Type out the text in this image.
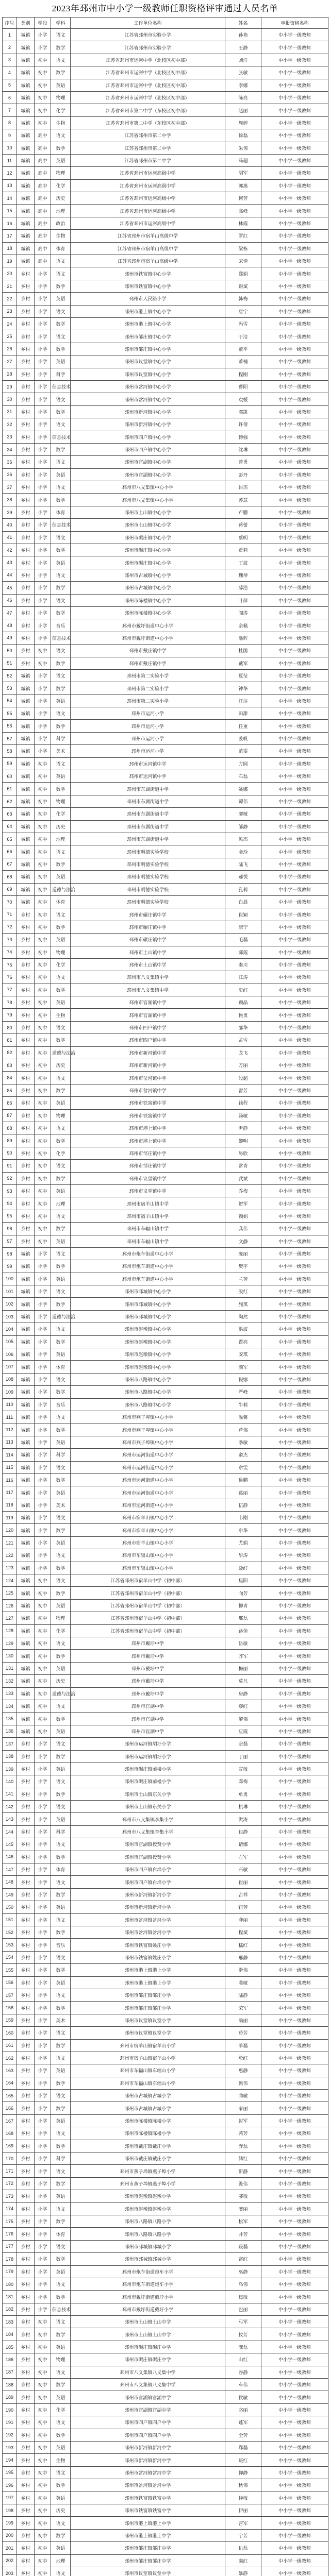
2023年邳州市中小学一级教师任职资格评审通过人员名单
序号	类别	学段	学科	工作单位名称	姓名	申报资格名称
1	城镇	小学	语文	江苏省邳州市实验小学	孙艳	中小学一级教师
2	城镇	小学	数学	江苏省邳州市实验小学	王静	中小学一级教师
3	城镇	初中	语文	江苏省邳州市运河中学（北校区初中部）	刘洋	中小学一级教师
4	城镇	初中	数学	江苏省邳州市运河中学（北校区初中部）	张敏	中小学一级教师
5	城镇	初中	英语	江苏省邳州市运河中学（北校区初中部）	李娜	中小学一级教师
6	城镇	初中	物理	江苏省邳州市运河中学（北校区初中部）	陈亮	中小学一级教师
7	城镇	初中	化学	江苏省邳州市第二中学（东校区初中部）	赵丽	中小学一级教师
8	城镇	初中	生物	江苏省邳州市第二中学（东校区初中部）	周婷	中小学一级教师
9	城镇	高中	语文	江苏省邳州市第二中学	徐磊	中小学一级教师
10	城镇	高中	数学	江苏省邳州市第二中学	朱伟	中小学一级教师
11	城镇	高中	英语	江苏省邳州市第二中学	马超	中小学一级教师
12	城镇	高中	物理	江苏省邳州市运河高级中学	胡军	中小学一级教师
13	城镇	高中	化学	江苏省邳州市运河高级中学	郭燕	中小学一级教师
14	城镇	高中	历史	江苏省邳州市运河高级中学	何芳	中小学一级教师
15	城镇	高中	地理	江苏省邳州市运河高级中学	高峰	中小学一级教师
16	城镇	高中	政治	江苏省邳州市运河高级中学	林霞	中小学一级教师
17	城镇	高中	生物	江苏省邳州市宿羊山高级中学	罗红	中小学一级教师
18	城镇	高中	体育	江苏省邳州市宿羊山高级中学	梁栋	中小学一级教师
19	城镇	高中	语文	江苏省邳州市宿羊山高级中学	宋佳	中小学一级教师
20	乡村	小学	语文	邳州市铁富镇中心小学	郑娟	中小学一级教师
21	乡村	小学	数学	邳州市铁富镇中心小学	谢斌	中小学一级教师
22	乡村	小学	英语	邳州市人民路小学	韩梅	中小学一级教师
23	乡村	小学	语文	邳州市港上镇中心小学	唐宁	中小学一级教师
24	乡村	小学	数学	邳州市港上镇中心小学	冯雪	中小学一级教师
25	乡村	小学	语文	邳州市邹庄镇中心小学	于洁	中小学一级教师
26	乡村	小学	数学	邳州市邹庄镇中心小学	董平	中小学一级教师
27	乡村	小学	英语	邳州市议堂镇中心小学	萧楠	中小学一级教师
28	乡村	小学	科学	邳州市议堂镇中心小学	程刚	中小学一级教师
29	乡村	小学	信息技术	邳州市岔河镇中心小学	曹阳	中小学一级教师
30	乡村	小学	语文	邳州市岔河镇中心小学	袁媛	中小学一级教师
31	乡村	小学	数学	邳州市新河镇中心小学	邓凯	中小学一级教师
32	乡村	小学	语文	邳州市新河镇中心小学	许倩	中小学一级教师
33	乡村	小学	信息技术	邳州市四户镇中心小学	傅强	中小学一级教师
34	乡村	小学	数学	邳州市四户镇中心小学	沈琳	中小学一级教师
35	乡村	小学	语文	邳州市官湖镇中心小学	曾勇	中小学一级教师
36	乡村	小学	英语	邳州市官湖镇中心小学	彭丹	中小学一级教师
37	乡村	小学	语文	邳州市八义集镇中心小学	吕杰	中小学一级教师
38	乡村	小学	数学	邳州市八义集镇中心小学	苏慧	中小学一级教师
39	乡村	小学	体育	邳州市土山镇中心小学	卢鹏	中小学一级教师
40	乡村	小学	信息技术	邳州市土山镇中心小学	蒋蕾	中小学一级教师
41	乡村	小学	语文	邳州市碾庄镇中心小学	蔡明	中小学一级教师
42	乡村	小学	数学	邳州市碾庄镇中心小学	贾莉	中小学一级教师
43	乡村	小学	英语	邳州市碾庄镇中心小学	丁波	中小学一级教师
44	乡村	小学	语文	邳州市占城镇中心小学	魏琴	中小学一级教师
45	乡村	小学	数学	邳州市占城镇中心小学	薛浩	中小学一级教师
46	乡村	小学	语文	邳州市陈楼镇中心小学	叶萍	中小学一级教师
47	乡村	小学	数学	邳州市陈楼镇中心小学	阎涛	中小学一级教师
48	乡村	小学	音乐	邳州市戴圩街道中心小学	余佩	中小学一级教师
49	乡村	小学	信息技术	邳州市戴圩街道中心小学	潘辉	中小学一级教师
50	乡村	初中	语文	邳州市戴庄镇中学	杜鹃	中小学一级教师
51	乡村	初中	数学	邳州市戴庄镇中学	戴军	中小学一级教师
52	城镇	小学	语文	邳州市第二实验小学	夏莹	中小学一级教师
53	城镇	小学	数学	邳州市第二实验小学	钟华	中小学一级教师
54	城镇	小学	英语	邳州市第二实验小学	汪洁	中小学一级教师
55	城镇	小学	语文	邳州市运河小学	田甜	中小学一级教师
56	城镇	小学	数学	邳州市运河小学	任重	中小学一级教师
57	城镇	小学	科学	邳州市运河小学	姜帆	中小学一级教师
58	城镇	小学	美术	邳州市运河小学	范雯	中小学一级教师
59	城镇	初中	语文	邳州市运河镇中学	方圆	中小学一级教师
60	城镇	初中	英语	邳州市运河镇中学	石磊	中小学一级教师
61	城镇	初中	数学	邳州市东湖街道中学	姚娜	中小学一级教师
62	城镇	初中	物理	邳州市东湖街道中学	谭伟	中小学一级教师
63	城镇	初中	化学	邳州市东湖街道中学	廖敏	中小学一级教师
64	城镇	初中	历史	邳州市东湖街道中学	邹静	中小学一级教师
65	城镇	初中	地理	邳州市东湖街道中学	熊杰	中小学一级教师
66	城镇	初中	语文	邳州市明德实验学校	金玲	中小学一级教师
67	城镇	初中	数学	邳州市明德实验学校	陆飞	中小学一级教师
68	城镇	初中	英语	邳州市明德实验学校	郝悦	中小学一级教师
69	城镇	初中	道德与法治	邳州市明德实验学校	孔莉	中小学一级教师
70	城镇	初中	体育	邳州市明德实验学校	白晨	中小学一级教师
71	乡村	初中	语文	邳州市碾庄镇中学	崔颖	中小学一级教师
72	乡村	初中	数学	邳州市碾庄镇中学	康宁	中小学一级教师
73	乡村	初中	英语	邳州市碾庄镇中学	毛磊	中小学一级教师
74	乡村	初中	物理	邳州市土山镇中学	邱霞	中小学一级教师
75	乡村	初中	化学	邳州市土山镇中学	秦川	中小学一级教师
76	乡村	初中	语文	邳州市八义集镇中学	江涛	中小学一级教师
77	乡村	初中	数学	邳州市八义集镇中学	史红	中小学一级教师
78	乡村	初中	英语	邳州市官湖镇中学	顾晶	中小学一级教师
79	乡村	初中	生物	邳州市官湖镇中学	侯勇	中小学一级教师
80	乡村	初中	语文	邳州市四户镇中学	邵华	中小学一级教师
81	乡村	初中	数学	邳州市四户镇中学	孟雪	中小学一级教师
82	乡村	初中	道德与法治	邳州市新河镇中学	龙飞	中小学一级教师
83	乡村	初中	历史	邳州市新河镇中学	万丽	中小学一级教师
84	乡村	初中	语文	邳州市岔河镇中学	段超	中小学一级教师
85	乡村	初中	数学	邳州市岔河镇中学	雷芳	中小学一级教师
86	乡村	初中	英语	邳州市铁富镇中学	钱程	中小学一级教师
87	乡村	初中	物理	邳州市铁富镇中学	汤敏	中小学一级教师
88	乡村	初中	语文	邳州市港上镇中学	尹静	中小学一级教师
89	乡村	初中	数学	邳州市港上镇中学	黎明	中小学一级教师
90	乡村	初中	化学	邳州市邹庄镇中学	易欣	中小学一级教师
91	乡村	初中	语文	邳州市邹庄镇中学	常青	中小学一级教师
92	乡村	初中	数学	邳州市议堂镇中学	武斌	中小学一级教师
93	乡村	初中	英语	邳州市议堂镇中学	乔梅	中小学一级教师
94	乡村	初中	地理	邳州市宿羊山镇中学	贺军	中小学一级教师
95	乡村	初中	语文	邳州市宿羊山镇中学	赖娟	中小学一级教师
96	乡村	初中	数学	邳州市车辐山镇中学	龚伟	中小学一级教师
97	乡村	初中	英语	邳州市车辐山镇中学	文静	中小学一级教师
98	城镇	小学	语文	邳州市炮车街道中心小学	庞丽	中小学一级教师
99	城镇	小学	数学	邳州市炮车街道中心小学	樊宇	中小学一级教师
100	城镇	小学	英语	邳州市炮车街道中心小学	兰芳	中小学一级教师
101	城镇	小学	语文	邳州市邳城镇中心小学	殷红	中小学一级教师
102	城镇	小学	数学	邳州市邳城镇中心小学	施琪	中小学一级教师
103	城镇	小学	道德与法治	邳州市邳城镇中心小学	陶然	中小学一级教师
104	城镇	小学	语文	邳州市赵墩镇中心小学	洪波	中小学一级教师
105	城镇	小学	数学	邳州市赵墩镇中心小学	翟亮	中小学一级教师
106	城镇	小学	英语	邳州市赵墩镇中心小学	安琪	中小学一级教师
107	城镇	小学	体育	邳州市赵墩镇中心小学	颜军	中小学一级教师
108	城镇	小学	语文	邳州市八路镇中心小学	倪娜	中小学一级教师
109	城镇	小学	数学	邳州市八路镇中心小学	严峰	中小学一级教师
110	城镇	小学	音乐	邳州市八路镇中心小学	牛莉	中小学一级教师
111	城镇	小学	语文	邳州市燕子埠镇中心小学	温馨	中小学一级教师
112	城镇	小学	数学	邳州市燕子埠镇中心小学	芦伟	中小学一级教师
113	城镇	小学	英语	邳州市燕子埠镇中心小学	季敏	中小学一级教师
114	城镇	小学	科学	邳州市运河街道中心小学	俞杰	中小学一级教师
115	城镇	小学	语文	邳州市运河街道中心小学	章雯	中小学一级教师
116	城镇	小学	数学	邳州市运河街道中心小学	鲁鹏	中小学一级教师
117	城镇	小学	英语	邳州市运河街道中心小学	葛丽	中小学一级教师
118	城镇	小学	美术	邳州市运河街道中心小学	伍静	中小学一级教师
119	城镇	小学	语文	邳州市宿羊山镇中心小学	韦刚	中小学一级教师
120	城镇	小学	数学	邳州市宿羊山镇中心小学	申华	中小学一级教师
121	城镇	小学	英语	邳州市宿羊山镇中心小学	尤娟	中小学一级教师
122	城镇	小学	语文	邳州市车辐山镇中心小学	毕涛	中小学一级教师
123	城镇	小学	数学	邳州市车辐山镇中心小学	聂红	中小学一级教师
124	城镇	初中	语文	江苏省邳州市宿羊山中学（初中部）	焦阳	中小学一级教师
125	城镇	初中	数学	江苏省邳州市宿羊山中学（初中部）	向芳	中小学一级教师
126	城镇	初中	英语	江苏省邳州市宿羊山中学（初中部）	柳青	中小学一级教师
127	城镇	初中	物理	江苏省邳州市宿羊山中学（初中部）	邢磊	中小学一级教师
128	城镇	初中	化学	江苏省邳州市宿羊山中学（初中部）	路佳	中小学一级教师
129	城镇	初中	语文	邳州市戴圩中学	岳敏	中小学一级教师
130	城镇	初中	数学	邳州市戴圩中学	齐军	中小学一级教师
131	城镇	初中	英语	邳州市戴圩中学	梅丽	中小学一级教师
132	城镇	初中	历史	邳州市戴圩中学	莫凡	中小学一级教师
133	城镇	初中	道德与法治	邳州市戴圩中学	房静	中小学一级教师
134	城镇	初中	语文	邳州市官湖中学	缪红	中小学一级教师
135	城镇	初中	数学	邳州市官湖中学	解伟	中小学一级教师
136	城镇	初中	英语	邳州市官湖中学	应霞	中小学一级教师
137	乡村	小学	语文	邳州市运河镇胡圩小学	宗磊	中小学一级教师
138	乡村	小学	数学	邳州市运河镇胡圩小学	丁丽	中小学一级教师
139	乡村	小学	英语	邳州市碾庄镇前楼小学	宣敏	中小学一级教师
140	乡村	小学	语文	邳州市碾庄镇前楼小学	邓梅	中小学一级教师
141	乡村	小学	数学	邳州市土山镇东关小学	单勇	中小学一级教师
142	乡村	小学	语文	邳州市土山镇东关小学	杭琳	中小学一级教师
143	乡村	小学	英语	邳州市八义集镇李集小学	洪涛	中小学一级教师
144	乡村	小学	科学	邳州市八义集镇李集小学	包静	中小学一级教师
145	乡村	小学	语文	邳州市官湖镇授贤小学	诸娜	中小学一级教师
146	乡村	小学	数学	邳州市官湖镇授贤小学	左军	中小学一级教师
147	乡村	小学	体育	邳州市四户镇白埠小学	石敏	中小学一级教师
148	乡村	小学	语文	邳州市四户镇白埠小学	崔丽	中小学一级教师
149	乡村	小学	数学	邳州市新河镇新河小学	吉祥	中小学一级教师
150	乡村	小学	英语	邳州市新河镇新河小学	钮芳	中小学一级教师
151	乡村	小学	语文	邳州市岔河镇岔河小学	龚丽	中小学一级教师
152	乡村	小学	数学	邳州市岔河镇岔河小学	程斌	中小学一级教师
153	乡村	小学	音乐	邳州市铁富镇姚庄小学	嵇红	中小学一级教师
154	乡村	小学	语文	邳州市铁富镇姚庄小学	邢静	中小学一级教师
155	乡村	小学	数学	邳州市港上镇港上小学	滑伟	中小学一级教师
156	乡村	小学	英语	邳州市港上镇港上小学	裴敏	中小学一级教师
157	乡村	小学	语文	邳州市邹庄镇邹庄小学	陆静	中小学一级教师
158	乡村	小学	数学	邳州市邹庄镇邹庄小学	荣军	中小学一级教师
159	乡村	小学	美术	邳州市议堂镇议堂小学	翁丽	中小学一级教师
160	乡村	小学	语文	邳州市议堂镇议堂小学	荀芳	中小学一级教师
161	乡村	小学	数学	邳州市宿羊山镇宿羊山小学	羊磊	中小学一级教师
162	乡村	小学	语文	邳州市宿羊山镇宿羊山小学	於红	中小学一级教师
163	乡村	小学	英语	邳州市车辐山镇车辐山小学	惠静	中小学一级教师
164	乡村	小学	数学	邳州市车辐山镇车辐山小学	甄伟	中小学一级教师
165	乡村	小学	语文	邳州市占城镇占城小学	曲敏	中小学一级教师
166	乡村	小学	数学	邳州市占城镇占城小学	家丽	中小学一级教师
167	乡村	小学	英语	邳州市陈楼镇陈楼小学	封军	中小学一级教师
168	乡村	小学	语文	邳州市陈楼镇陈楼小学	芮芳	中小学一级教师
169	乡村	小学	数学	邳州市戴庄镇戴庄小学	羿磊	中小学一级教师
170	乡村	小学	科学	邳州市戴庄镇戴庄小学	储红	中小学一级教师
171	乡村	小学	语文	邳州市燕子埠镇燕子埠小学	靳静	中小学一级教师
172	乡村	小学	数学	邳州市燕子埠镇燕子埠小学	汲伟	中小学一级教师
173	乡村	小学	英语	邳州市赵墩镇赵墩小学	邴敏	中小学一级教师
174	乡村	小学	语文	邳州市赵墩镇赵墩小学	糜丽	中小学一级教师
175	乡村	小学	数学	邳州市八路镇八路小学	松军	中小学一级教师
176	乡村	小学	体育	邳州市八路镇八路小学	井芳	中小学一级教师
177	乡村	小学	语文	邳州市邳城镇邳城小学	段磊	中小学一级教师
178	乡村	小学	数学	邳州市邳城镇邳城小学	富红	中小学一级教师
179	乡村	小学	英语	邳州市炮车街道炮车小学	巫静	中小学一级教师
180	乡村	小学	语文	邳州市炮车街道炮车小学	乌伟	中小学一级教师
181	乡村	小学	数学	邳州市戴圩街道戴圩小学	焦敏	中小学一级教师
182	乡村	小学	信息技术	邳州市戴圩街道戴圩小学	巴丽	中小学一级教师
183	乡村	初中	语文	邳州市土山镇土山中学	弓军	中小学一级教师
184	乡村	初中	数学	邳州市土山镇土山中学	牧芳	中小学一级教师
185	乡村	初中	英语	邳州市碾庄镇碾庄中学	隗磊	中小学一级教师
186	乡村	初中	物理	邳州市碾庄镇碾庄中学	山红	中小学一级教师
187	乡村	初中	语文	邳州市八义集镇八义集中学	谷静	中小学一级教师
188	乡村	初中	数学	邳州市八义集镇八义集中学	车伟	中小学一级教师
189	乡村	初中	英语	邳州市官湖镇官湖中学	侯敏	中小学一级教师
190	乡村	初中	化学	邳州市官湖镇官湖中学	宓丽	中小学一级教师
191	乡村	初中	语文	邳州市四户镇四户中学	蓬军	中小学一级教师
192	乡村	初中	数学	邳州市四户镇四户中学	全芳	中小学一级教师
193	乡村	初中	英语	邳州市新河镇新河中学	郗磊	中小学一级教师
194	乡村	初中	生物	邳州市新河镇新河中学	班红	中小学一级教师
195	乡村	初中	语文	邳州市岔河镇岔河中学	仰静	中小学一级教师
196	乡村	初中	数学	邳州市岔河镇岔河中学	秋伟	中小学一级教师
197	乡村	初中	英语	邳州市铁富镇铁富中学	仲敏	中小学一级教师
198	乡村	初中	历史	邳州市铁富镇铁富中学	伊丽	中小学一级教师
199	乡村	初中	语文	邳州市港上镇港上中学	宫军	中小学一级教师
200	乡村	初中	数学	邳州市港上镇港上中学	宁芳	中小学一级教师
201	乡村	初中	英语	邳州市邹庄镇邹庄中学	仇磊	中小学一级教师
202	乡村	初中	地理	邳州市邹庄镇邹庄中学	栾红	中小学一级教师
203	乡村	初中	语文	邳州市议堂镇议堂中学	暴静	中小学一级教师
